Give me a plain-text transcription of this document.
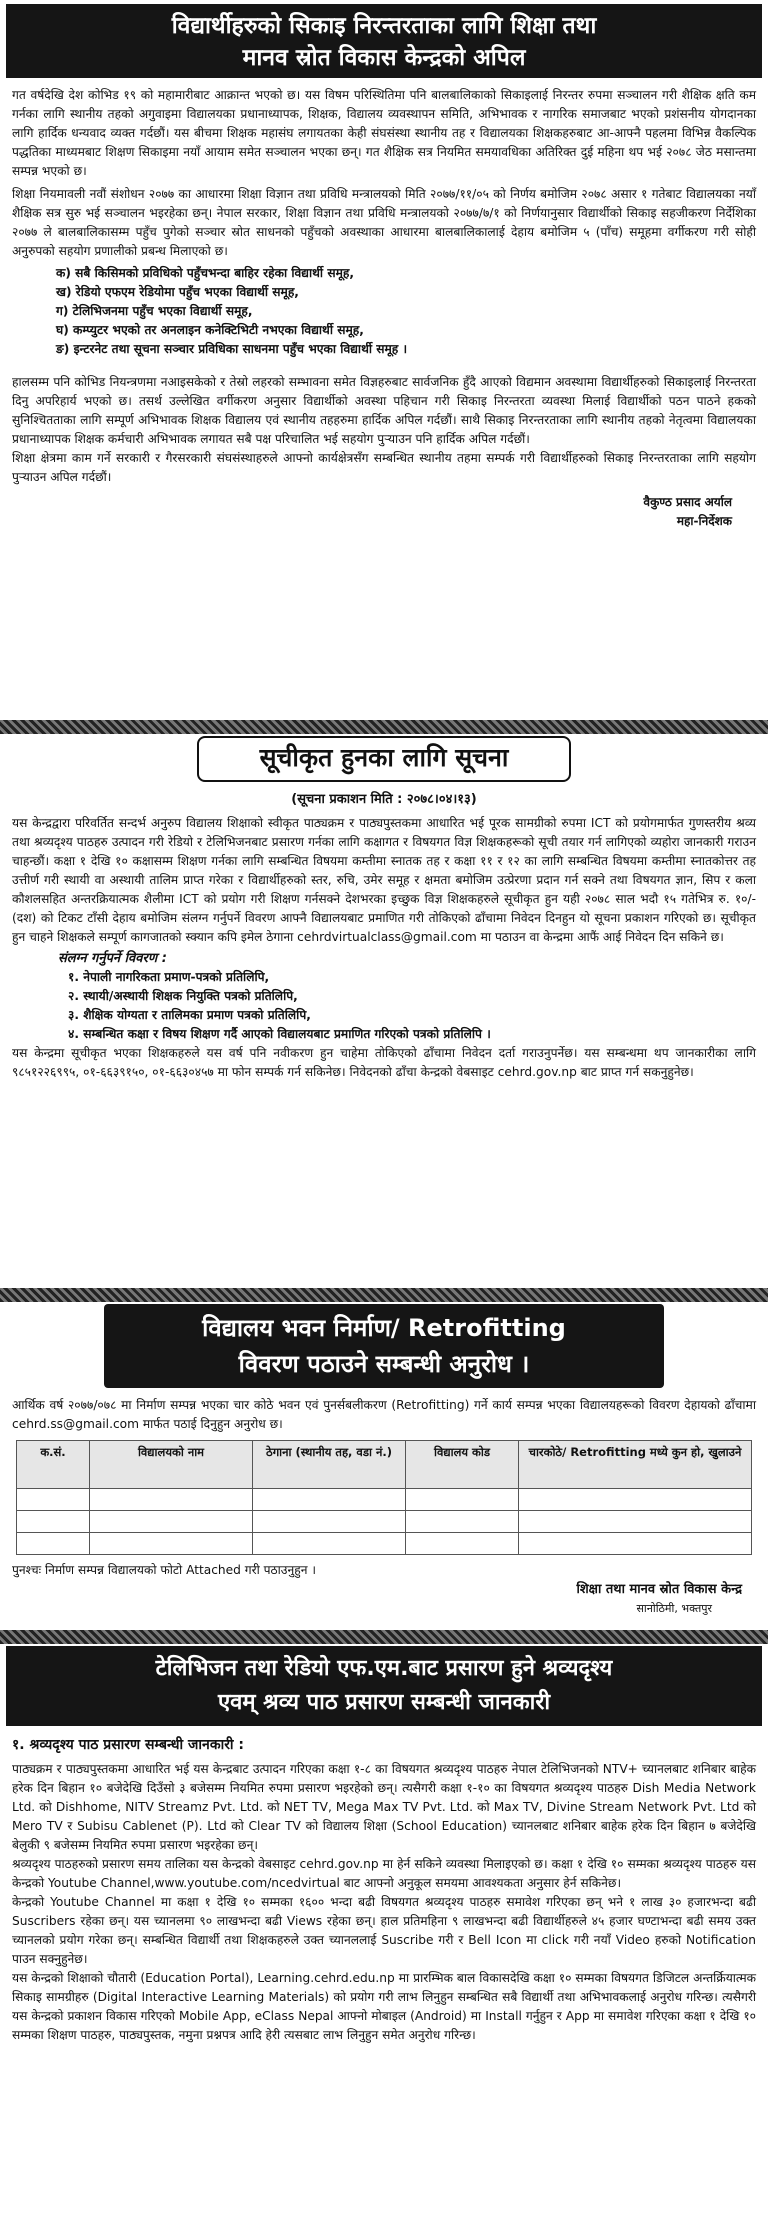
विद्यार्थीहरुको सिकाइ निरन्तरताका लागि शिक्षा तथा
मानव स्रोत विकास केन्द्रको अपिल

गत वर्षदेखि देश कोभिड १९ को महामारीबाट आक्रान्त भएको छ। यस विषम परिस्थितिमा पनि बालबालिकाको सिकाइलाई निरन्तर रुपमा सञ्चालन गरी शैक्षिक क्षति कम गर्नका लागि स्थानीय तहको अगुवाइमा विद्यालयका प्रधानाध्यापक, शिक्षक, विद्यालय व्यवस्थापन समिति, अभिभावक र नागरिक समाजबाट भएको प्रशंसनीय योगदानका लागि हार्दिक धन्यवाद व्यक्त गर्दछौं। यस बीचमा शिक्षक महासंघ लगायतका केही संघसंस्था स्थानीय तह र विद्यालयका शिक्षकहरुबाट आ-आफ्नै पहलमा विभिन्न वैकल्पिक पद्धतिका माध्यमबाट शिक्षण सिकाइमा नयाँ आयाम समेत सञ्चालन भएका छन्। गत शैक्षिक सत्र नियमित समयावधिका अतिरिक्त दुई महिना थप भई २०७८ जेठ मसान्तमा सम्पन्न भएको छ।

शिक्षा नियमावली नवौं संशोधन २०७७ का आधारमा शिक्षा विज्ञान तथा प्रविधि मन्त्रालयको मिति २०७७/११/०५ को निर्णय बमोजिम २०७८ असार १ गतेबाट विद्यालयका नयाँ शैक्षिक सत्र सुरु भई सञ्चालन भइरहेका छन्। नेपाल सरकार, शिक्षा विज्ञान तथा प्रविधि मन्त्रालयको २०७७/७/१ को निर्णयानुसार विद्यार्थीको सिकाइ सहजीकरण निर्देशिका २०७७ ले बालबालिकासम्म पहुँच पुगेको सञ्चार स्रोत साधनको पहुँचको अवस्थाका आधारमा बालबालिकालाई देहाय बमोजिम ५ (पाँच) समूहमा वर्गीकरण गरी सोही अनुरुपको सहयोग प्रणालीको प्रबन्ध मिलाएको छ।

क) सबै किसिमको प्रविधिको पहुँचभन्दा बाहिर रहेका विद्यार्थी समूह,
ख) रेडियो एफएम रेडियोमा पहुँच भएका विद्यार्थी समूह,
ग) टेलिभिजनमा पहुँच भएका विद्यार्थी समूह,
घ) कम्प्युटर भएको तर अनलाइन कनेक्टिभिटी नभएका विद्यार्थी समूह,
ङ) इन्टरनेट तथा सूचना सञ्चार प्रविधिका साधनमा पहुँच भएका विद्यार्थी समूह ।

हालसम्म पनि कोभिड नियन्त्रणमा नआइसकेको र तेस्रो लहरको सम्भावना समेत विज्ञहरुबाट सार्वजनिक हुँदै आएको विद्यमान अवस्थामा विद्यार्थीहरुको सिकाइलाई निरन्तरता दिनु अपरिहार्य भएको छ। तसर्थ उल्लेखित वर्गीकरण अनुसार विद्यार्थीको अवस्था पहिचान गरी सिकाइ निरन्तरता व्यवस्था मिलाई विद्यार्थीको पठन पाठने हकको सुनिश्चितताका लागि सम्पूर्ण अभिभावक शिक्षक विद्यालय एवं स्थानीय तहहरुमा हार्दिक अपिल गर्दछौं। साथै सिकाइ निरन्तरताका लागि स्थानीय तहको नेतृत्वमा विद्यालयका प्रधानाध्यापक शिक्षक कर्मचारी अभिभावक लगायत सबै पक्ष परिचालित भई सहयोग पुऱ्याउन पनि हार्दिक अपिल गर्दछौं।

शिक्षा क्षेत्रमा काम गर्ने सरकारी र गैरसरकारी संघसंस्थाहरुले आफ्नो कार्यक्षेत्रसँग सम्बन्धित स्थानीय तहमा सम्पर्क गरी विद्यार्थीहरुको सिकाइ निरन्तरताका लागि सहयोग पुऱ्याउन अपिल गर्दछौं।

वैकुण्ठ प्रसाद अर्याल
महा-निर्देशक
सूचीकृत हुनका लागि सूचना
(सूचना प्रकाशन मिति : २०७८।०४।१३)

यस केन्द्रद्वारा परिवर्तित सन्दर्भ अनुरुप विद्यालय शिक्षाको स्वीकृत पाठ्यक्रम र पाठ्यपुस्तकमा आधारित भई पूरक सामग्रीको रुपमा ICT को प्रयोगमार्फत गुणस्तरीय श्रव्य तथा श्रव्यदृश्य पाठहरु उत्पादन गरी रेडियो र टेलिभिजनबाट प्रसारण गर्नका लागि कक्षागत र विषयगत विज्ञ शिक्षकहरूको सूची तयार गर्न लागिएको व्यहोरा जानकारी गराउन चाहन्छौं। कक्षा १ देखि १० कक्षासम्म शिक्षण गर्नका लागि सम्बन्धित विषयमा कम्तीमा स्नातक तह र कक्षा ११ र १२ का लागि सम्बन्धित विषयमा कम्तीमा स्नातकोत्तर तह उत्तीर्ण गरी स्थायी वा अस्थायी तालिम प्राप्त गरेका र विद्यार्थीहरुको स्तर, रुचि, उमेर समूह र क्षमता बमोजिम उत्प्रेरणा प्रदान गर्न सक्ने तथा विषयगत ज्ञान, सिप र कला कौशलसहित अन्तरक्रियात्मक शैलीमा ICT को प्रयोग गरी शिक्षण गर्नसक्ने देशभरका इच्छुक विज्ञ शिक्षकहरुले सूचीकृत हुन यही २०७८ साल भदौ १५ गतेभित्र रु. १०/- (दश) को टिकट टाँसी देहाय बमोजिम संलग्न गर्नुपर्ने विवरण आफ्नै विद्यालयबाट प्रमाणित गरी तोकिएको ढाँचामा निवेदन दिनहुन यो सूचना प्रकाशन गरिएको छ। सूचीकृत हुन चाहने शिक्षकले सम्पूर्ण कागजातको स्क्यान कपि इमेल ठेगाना cehrdvirtualclass@gmail.com मा पठाउन वा केन्द्रमा आफैं आई निवेदन दिन सकिने छ।

संलग्न गर्नुपर्ने विवरण :
१. नेपाली नागरिकता प्रमाण-पत्रको प्रतिलिपि,
२. स्थायी/अस्थायी शिक्षक नियुक्ति पत्रको प्रतिलिपि,
३. शैक्षिक योग्यता र तालिमका प्रमाण पत्रको प्रतिलिपि,
४. सम्बन्धित कक्षा र विषय शिक्षण गर्दै आएको विद्यालयबाट प्रमाणित गरिएको पत्रको प्रतिलिपि ।

यस केन्द्रमा सूचीकृत भएका शिक्षकहरुले यस वर्ष पनि नवीकरण हुन चाहेमा तोकिएको ढाँचामा निवेदन दर्ता गराउनुपर्नेछ। यस सम्बन्धमा थप जानकारीका लागि ९८५१२२६९९५, ०१-६६३९१५०, ०१-६६३०४५७ मा फोन सम्पर्क गर्न सकिनेछ। निवेदनको ढाँचा केन्द्रको वेबसाइट cehrd.gov.np बाट प्राप्त गर्न सकनुहुनेछ।

विद्यालय भवन निर्माण/ Retrofitting
विवरण पठाउने सम्बन्धी अनुरोध ।

आर्थिक वर्ष २०७७/०७८ मा निर्माण सम्पन्न भएका चार कोठे भवन एवं पुनर्सबलीकरण (Retrofitting) गर्ने कार्य सम्पन्न भएका विद्यालयहरूको विवरण देहायको ढाँचामा cehrd.ss@gmail.com मार्फत पठाई दिनुहुन अनुरोध छ।

क.सं.	विद्यालयको नाम	ठेगाना (स्थानीय तह, वडा नं.)	विद्यालय कोड	चारकोठे/ Retrofitting मध्ये कुन हो, खुलाउने

पुनश्चः निर्माण सम्पन्न विद्यालयको फोटो Attached गरी पठाउनुहुन ।

शिक्षा तथा मानव स्रोत विकास केन्द्र
सानोठिमी, भक्तपुर
टेलिभिजन तथा रेडियो एफ.एम.बाट प्रसारण हुने श्रव्यदृश्य
एवम् श्रव्य पाठ प्रसारण सम्बन्धी जानकारी
१. श्रव्यदृश्य पाठ प्रसारण सम्बन्धी जानकारी :

पाठ्यक्रम र पाठ्यपुस्तकमा आधारित भई यस केन्द्रबाट उत्पादन गरिएका कक्षा १-८ का विषयगत श्रव्यदृश्य पाठहरु नेपाल टेलिभिजनको NTV+ च्यानलबाट शनिबार बाहेक हरेक दिन बिहान १० बजेदेखि दिउँसो ३ बजेसम्म नियमित रुपमा प्रसारण भइरहेको छन्। त्यसैगरी कक्षा १-१० का विषयगत श्रव्यदृश्य पाठहरु Dish Media Network Ltd. को Dishhome, NITV Streamz Pvt. Ltd. को NET TV, Mega Max TV Pvt. Ltd. को Max TV, Divine Stream Network Pvt. Ltd को Mero TV र Subisu Cablenet (P). Ltd को Clear TV को विद्यालय शिक्षा (School Education) च्यानलबाट शनिबार बाहेक हरेक दिन बिहान ७ बजेदेखि बेलुकी ९ बजेसम्म नियमित रुपमा प्रसारण भइरहेका छन्।

श्रव्यदृश्य पाठहरुको प्रसारण समय तालिका यस केन्द्रको वेबसाइट cehrd.gov.np मा हेर्न सकिने व्यवस्था मिलाइएको छ। कक्षा १ देखि १० सम्मका श्रव्यदृश्य पाठहरु यस केन्द्रको Youtube Channel,www.youtube.com/ncedvirtual बाट आफ्नो अनुकूल समयमा आवश्यकता अनुसार हेर्न सकिनेछ।

केन्द्रको Youtube Channel मा कक्षा १ देखि १० सम्मका १६०० भन्दा बढी विषयगत श्रव्यदृश्य पाठहरु समावेश गरिएका छन् भने १ लाख ३० हजारभन्दा बढी Suscribers रहेका छन्। यस च्यानलमा ९० लाखभन्दा बढी Views रहेका छन्। हाल प्रतिमहिना ९ लाखभन्दा बढी विद्यार्थीहरुले ४५ हजार घण्टाभन्दा बढी समय उक्त च्यानलको प्रयोग गरेका छन्। सम्बन्धित विद्यार्थी तथा शिक्षकहरुले उक्त च्यानललाई Suscribe गरी र Bell Icon मा click गरी नयाँ Video हरुको Notification पाउन सक्नुहुनेछ।

यस केन्द्रको शिक्षाको चौतारी (Education Portal), Learning.cehrd.edu.np मा प्रारम्भिक बाल विकासदेखि कक्षा १० सम्मका विषयगत डिजिटल अन्तर्क्रियात्मक सिकाइ सामग्रीहरु (Digital Interactive Learning Materials) को प्रयोग गरी लाभ लिनुहुन सम्बन्धित सबै विद्यार्थी तथा अभिभावकलाई अनुरोध गरिन्छ। त्यसैगरी यस केन्द्रको प्रकाशन विकास गरिएको Mobile App, eClass Nepal आफ्नो मोबाइल (Android) मा Install गर्नुहुन र App मा समावेश गरिएका कक्षा १ देखि १० सम्मका शिक्षण पाठहरु, पाठ्यपुस्तक, नमुना प्रश्नपत्र आदि हेरी त्यसबाट लाभ लिनुहुन समेत अनुरोध गरिन्छ।
